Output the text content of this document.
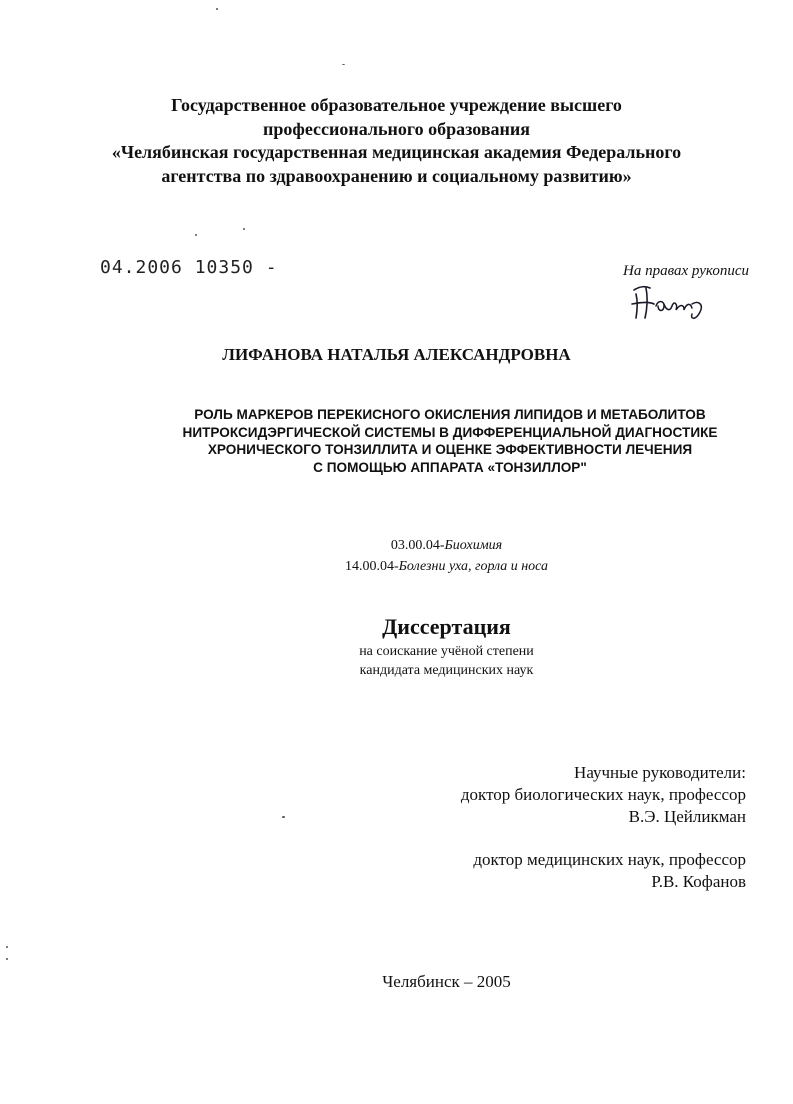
Государственное образовательное учреждение высшего
профессионального образования
«Челябинская государственная медицинская академия Федерального
агентства по здравоохранению и социальному развитию»
04.2006 10350 -	На правах рукописи
ЛИФАНОВА НАТАЛЬЯ АЛЕКСАНДРОВНА
РОЛЬ МАРКЕРОВ ПЕРЕКИСНОГО ОКИСЛЕНИЯ ЛИПИДОВ И МЕТАБОЛИТОВ
НИТРОКСИДЭРГИЧЕСКОЙ СИСТЕМЫ В ДИФФЕРЕНЦИАЛЬНОЙ ДИАГНОСТИКЕ
ХРОНИЧЕСКОГО ТОНЗИЛЛИТА И ОЦЕНКЕ ЭФФЕКТИВНОСТИ ЛЕЧЕНИЯ
С ПОМОЩЬЮ АППАРАТА «ТОНЗИЛЛОР"
03.00.04-Биохимия
14.00.04-Болезни уха, горла и носа
Диссертация
на соискание учёной степени
кандидата медицинских наук
Научные руководители:
доктор биологических наук, профессор
В.Э. Цейликман
доктор медицинских наук, профессор
Р.В. Кофанов
Челябинск – 2005
